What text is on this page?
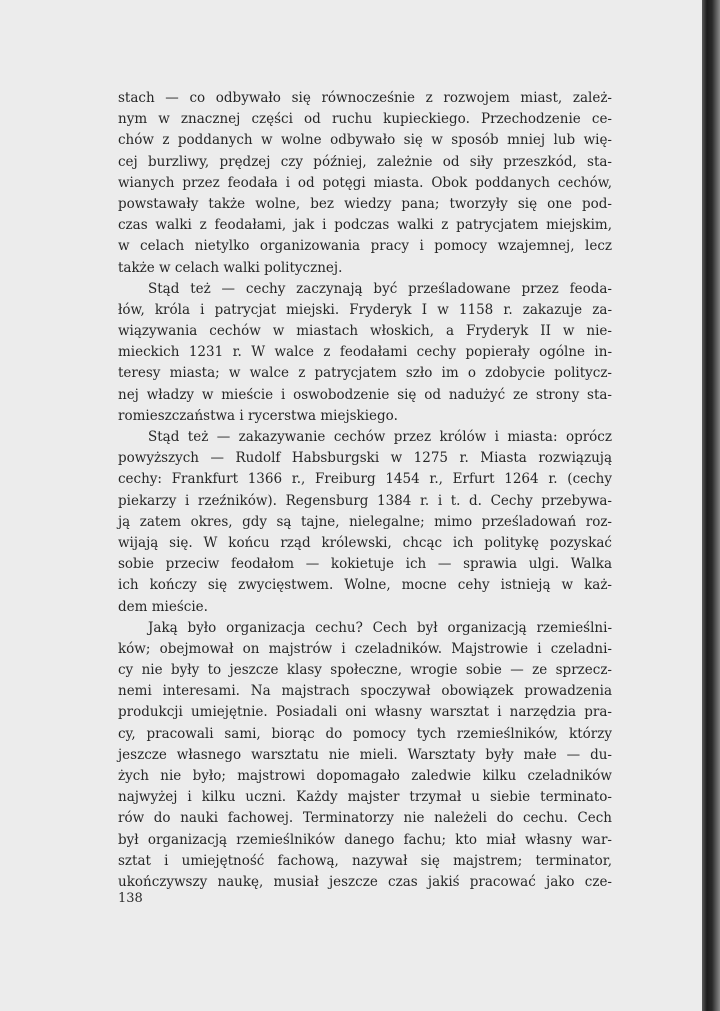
stach — co odbywało się równocześnie z rozwojem miast, zależ-
nym w znacznej części od ruchu kupieckiego. Przechodzenie ce-
chów z poddanych w wolne odbywało się w sposób mniej lub wię-
cej burzliwy, prędzej czy później, zależnie od siły przeszkód, sta-
wianych przez feodała i od potęgi miasta. Obok poddanych cechów,
powstawały także wolne, bez wiedzy pana; tworzyły się one pod-
czas walki z feodałami, jak i podczas walki z patrycjatem miejskim,
w celach nietylko organizowania pracy i pomocy wzajemnej, lecz
także w celach walki politycznej.
Stąd też — cechy zaczynają być prześladowane przez feoda-
łów, króla i patrycjat miejski. Fryderyk I w 1158 r. zakazuje za-
wiązywania cechów w miastach włoskich, a Fryderyk II w nie-
mieckich 1231 r. W walce z feodałami cechy popierały ogólne in-
teresy miasta; w walce z patrycjatem szło im o zdobycie politycz-
nej władzy w mieście i oswobodzenie się od nadużyć ze strony sta-
romieszczaństwa i rycerstwa miejskiego.
Stąd też — zakazywanie cechów przez królów i miasta: oprócz
powyższych — Rudolf Habsburgski w 1275 r. Miasta rozwiązują
cechy: Frankfurt 1366 r., Freiburg 1454 r., Erfurt 1264 r. (cechy
piekarzy i rzeźników). Regensburg 1384 r. i t. d. Cechy przebywa-
ją zatem okres, gdy są tajne, nielegalne; mimo prześladowań roz-
wijają się. W końcu rząd królewski, chcąc ich politykę pozyskać
sobie przeciw feodałom — kokietuje ich — sprawia ulgi. Walka
ich kończy się zwycięstwem. Wolne, mocne cehy istnieją w każ-
dem mieście.
Jaką było organizacja cechu? Cech był organizacją rzemieślni-
ków; obejmował on majstrów i czeladników. Majstrowie i czeladni-
cy nie były to jeszcze klasy społeczne, wrogie sobie — ze sprzecz-
nemi interesami. Na majstrach spoczywał obowiązek prowadzenia
produkcji umiejętnie. Posiadali oni własny warsztat i narzędzia pra-
cy, pracowali sami, biorąc do pomocy tych rzemieślników, którzy
jeszcze własnego warsztatu nie mieli. Warsztaty były małe — du-
żych nie było; majstrowi dopomagało zaledwie kilku czeladników
najwyżej i kilku uczni. Każdy majster trzymał u siebie terminato-
rów do nauki fachowej. Terminatorzy nie należeli do cechu. Cech
był organizacją rzemieślników danego fachu; kto miał własny war-
sztat i umiejętność fachową, nazywał się majstrem; terminator,
ukończywszy naukę, musiał jeszcze czas jakiś pracować jako cze-
138
